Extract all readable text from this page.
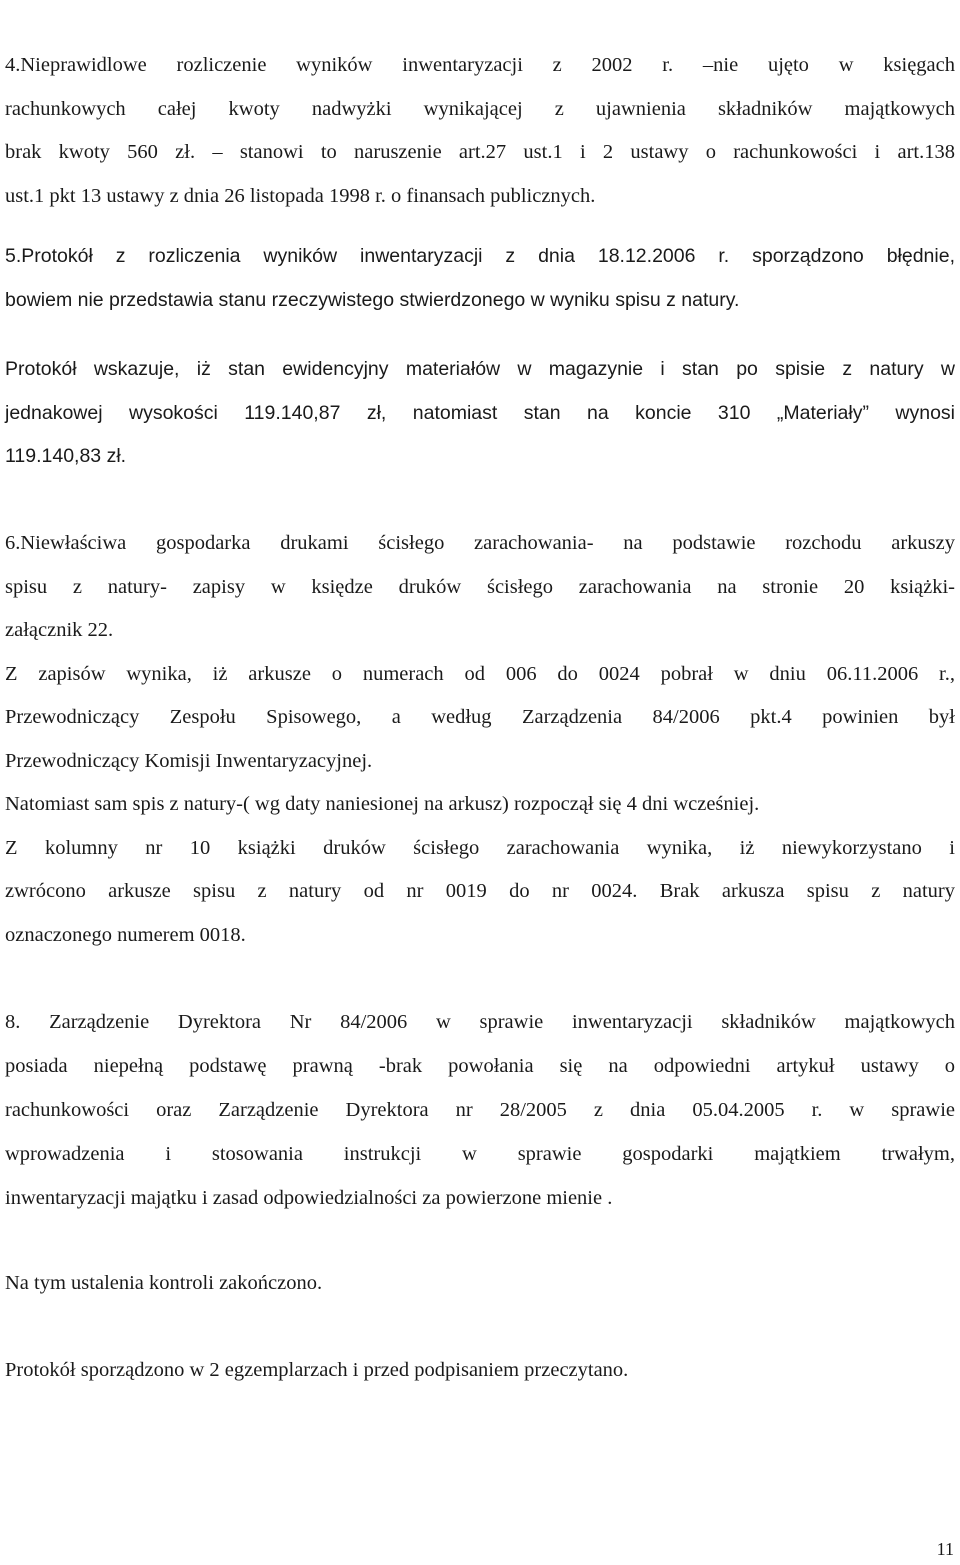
4.Nieprawidlowe rozliczenie wyników inwentaryzacji z 2002 r. –nie ujęto w księgach
rachunkowych całej kwoty nadwyżki wynikającej z ujawnienia składników majątkowych
brak kwoty 560 zł. – stanowi to naruszenie art.27 ust.1 i 2 ustawy o rachunkowości i art.138
ust.1 pkt 13 ustawy z dnia 26 listopada 1998 r. o finansach publicznych.
5.Protokół z rozliczenia wyników inwentaryzacji z dnia 18.12.2006 r. sporządzono błędnie,
bowiem nie przedstawia stanu rzeczywistego stwierdzonego w wyniku spisu z natury.
Protokół wskazuje, iż stan ewidencyjny materiałów w magazynie i stan po spisie z natury w
jednakowej wysokości 119.140,87 zł, natomiast stan na koncie 310 „Materiały” wynosi
119.140,83 zł.
6.Niewłaściwa gospodarka drukami ścisłego zarachowania- na podstawie rozchodu arkuszy
spisu z natury- zapisy w księdze druków ścisłego zarachowania na stronie 20 książki-
załącznik 22.
Z zapisów wynika, iż arkusze o numerach od 006 do 0024 pobrał w dniu 06.11.2006 r.,
Przewodniczący Zespołu Spisowego, a według Zarządzenia 84/2006 pkt.4 powinien był
Przewodniczący Komisji Inwentaryzacyjnej.
Natomiast sam spis z natury-( wg daty naniesionej na arkusz) rozpoczął się 4 dni wcześniej.
Z kolumny nr 10 książki druków ścisłego zarachowania wynika, iż niewykorzystano i
zwrócono arkusze spisu z natury od nr 0019 do nr 0024. Brak arkusza spisu z natury
oznaczonego numerem 0018.
8. Zarządzenie Dyrektora Nr 84/2006 w sprawie inwentaryzacji składników majątkowych
posiada niepełną podstawę prawną -brak powołania się na odpowiedni artykuł ustawy o
rachunkowości oraz Zarządzenie Dyrektora nr 28/2005 z dnia 05.04.2005 r. w sprawie
wprowadzenia i stosowania instrukcji w sprawie gospodarki majątkiem trwałym,
inwentaryzacji majątku i zasad odpowiedzialności za powierzone mienie .
Na tym ustalenia kontroli zakończono.
Protokół sporządzono w 2 egzemplarzach i przed podpisaniem przeczytano.
11
